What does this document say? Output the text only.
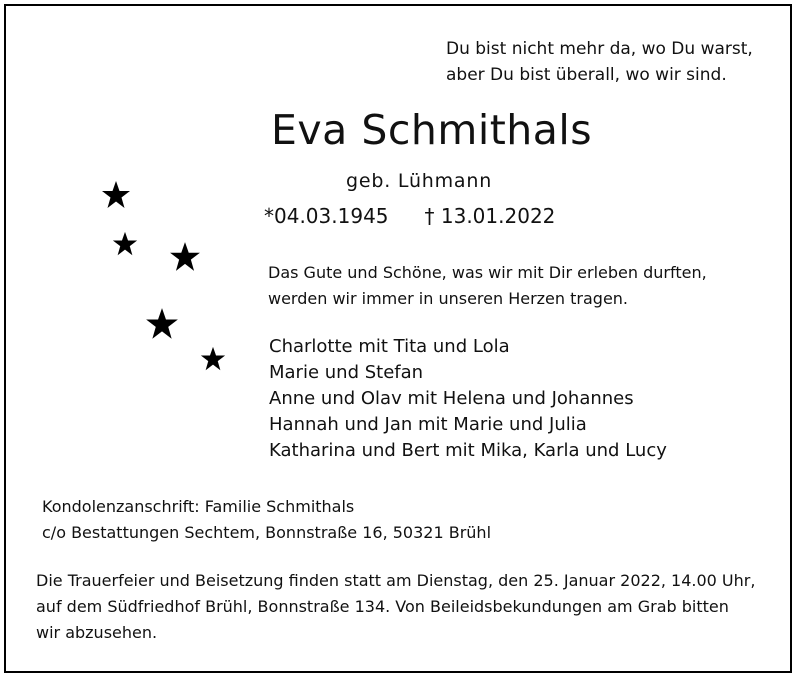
Du bist nicht mehr da, wo Du warst,
aber Du bist überall, wo wir sind.
Eva Schmithals
geb. Lühmann
*04.03.1945 † 13.01.2022
Das Gute und Schöne, was wir mit Dir erleben durften,
werden wir immer in unseren Herzen tragen.
Charlotte mit Tita und Lola
Marie und Stefan
Anne und Olav mit Helena und Johannes
Hannah und Jan mit Marie und Julia
Katharina und Bert mit Mika, Karla und Lucy
Kondolenzanschrift: Familie Schmithals
c/o Bestattungen Sechtem, Bonnstraße 16, 50321 Brühl
Die Trauerfeier und Beisetzung finden statt am Dienstag, den 25. Januar 2022, 14.00 Uhr,
auf dem Südfriedhof Brühl, Bonnstraße 134. Von Beileidsbekundungen am Grab bitten
wir abzusehen.
